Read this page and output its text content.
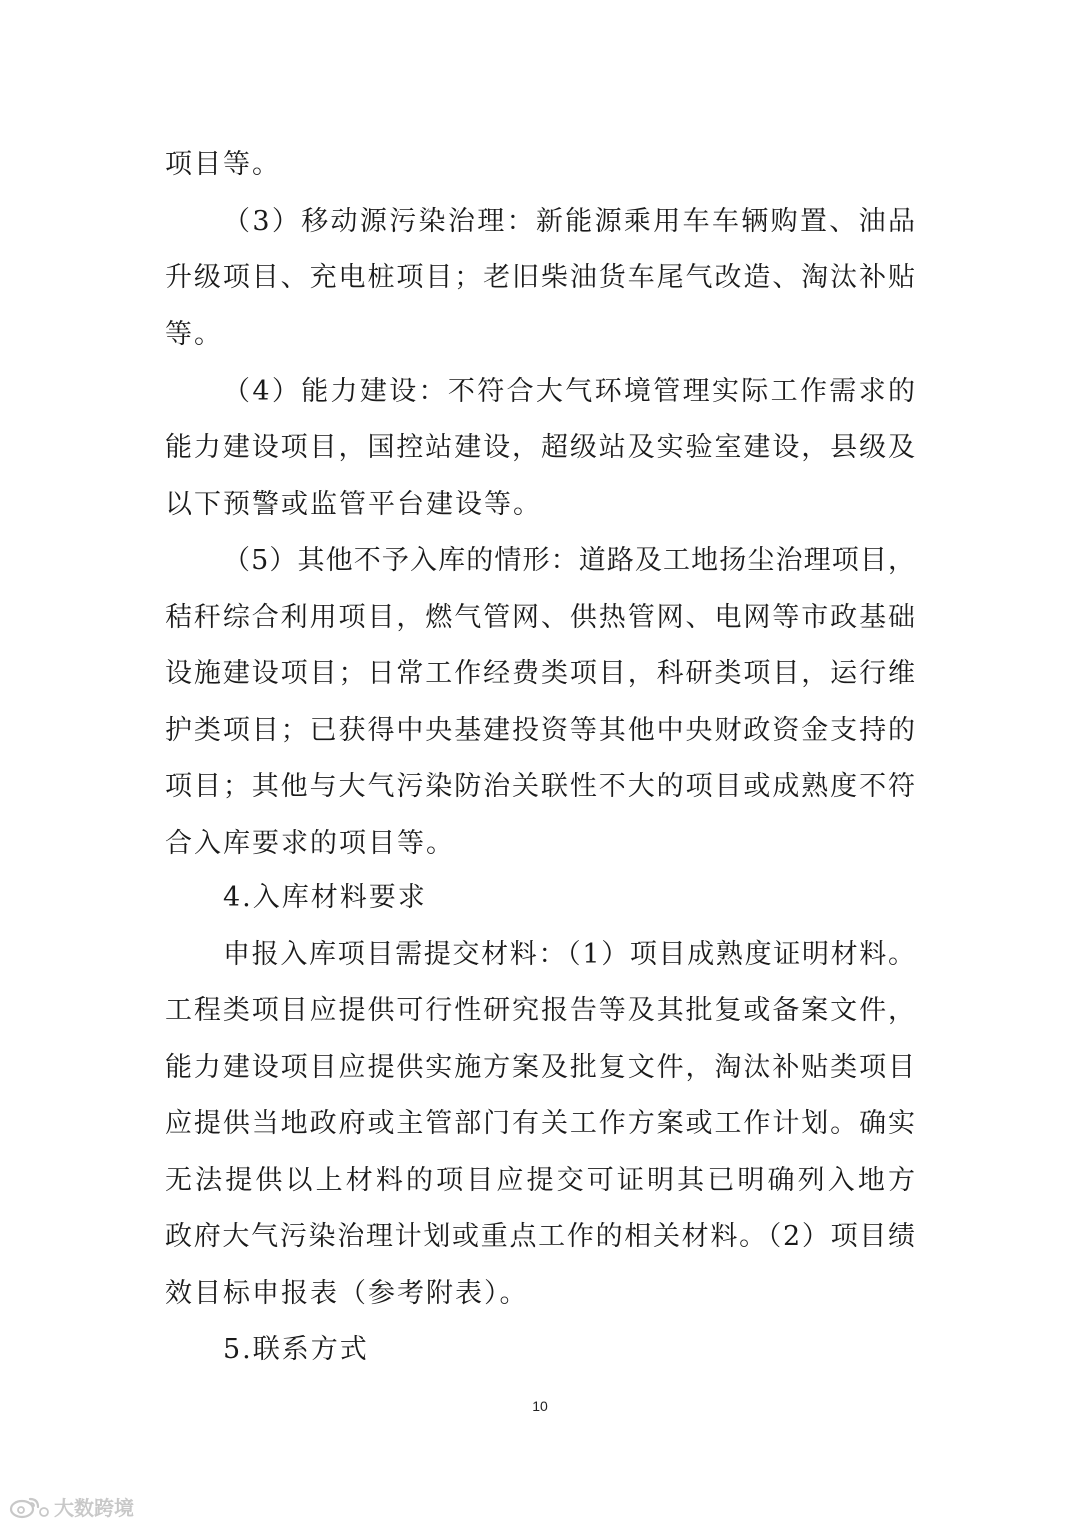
项目等。
（3）移动源污染治理：新能源乘用车车辆购置、油品
升级项目、充电桩项目；老旧柴油货车尾气改造、淘汰补贴
等。
（4）能力建设：不符合大气环境管理实际工作需求的
能力建设项目，国控站建设，超级站及实验室建设，县级及
以下预警或监管平台建设等。
（5）其他不予入库的情形：道路及工地扬尘治理项目，
秸秆综合利用项目，燃气管网、供热管网、电网等市政基础
设施建设项目；日常工作经费类项目，科研类项目，运行维
护类项目；已获得中央基建投资等其他中央财政资金支持的
项目；其他与大气污染防治关联性不大的项目或成熟度不符
合入库要求的项目等。
4.入库材料要求
申报入库项目需提交材料：（1）项目成熟度证明材料。
工程类项目应提供可行性研究报告等及其批复或备案文件，
能力建设项目应提供实施方案及批复文件，淘汰补贴类项目
应提供当地政府或主管部门有关工作方案或工作计划。确实
无法提供以上材料的项目应提交可证明其已明确列入地方
政府大气污染治理计划或重点工作的相关材料。（2）项目绩
效目标申报表（参考附表）。
5.联系方式
10
大数跨境
